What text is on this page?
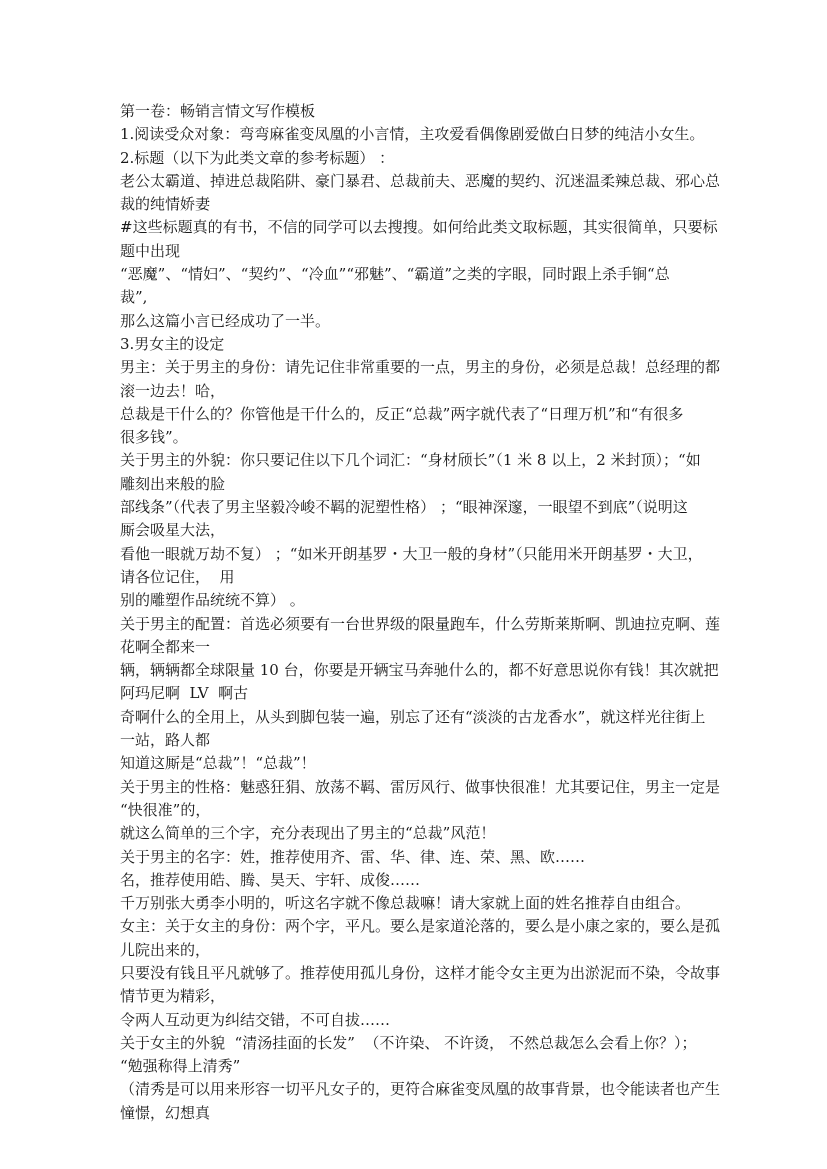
第一卷：畅销言情文写作模板
1.阅读受众对象：弯弯麻雀变凤凰的小言情，主攻爱看偶像剧爱做白日梦的纯洁小女生。
2.标题（以下为此类文章的参考标题） ：
老公太霸道、掉进总裁陷阱、豪门暴君、总裁前夫、恶魔的契约、沉迷温柔辣总裁、邪心总
裁的纯情娇妻
#这些标题真的有书，不信的同学可以去搜搜。如何给此类文取标题，其实很简单，只要标
题中出现
“恶魔”、“情妇”、“契约”、“冷血”“邪魅”、“霸道”之类的字眼，同时跟上杀手锏“总
裁”,
那么这篇小言已经成功了一半。
3.男女主的设定
男主：关于男主的身份：请先记住非常重要的一点，男主的身份，必须是总裁！总经理的都
滚一边去！哈，
总裁是干什么的？你管他是干什么的，反正“总裁”两字就代表了“日理万机”和“有很多
很多钱”。
关于男主的外貌：你只要记住以下几个词汇：“身材颀长”（1 米 8 以上，2 米封顶）；“如
雕刻出来般的脸
部线条”（代表了男主坚毅冷峻不羁的泥塑性格） ；“眼神深邃，一眼望不到底”（说明这
厮会吸星大法，
看他一眼就万劫不复） ；“如米开朗基罗・大卫一般的身材”（只能用米开朗基罗・大卫，
请各位记住，  用
别的雕塑作品统统不算） 。
关于男主的配置：首选必须要有一台世界级的限量跑车，什么劳斯莱斯啊、凯迪拉克啊、莲
花啊全都来一
辆，辆辆都全球限量 10 台，你要是开辆宝马奔驰什么的，都不好意思说你有钱！其次就把
阿玛尼啊  LV  啊古
奇啊什么的全用上，从头到脚包装一遍，别忘了还有“淡淡的古龙香水”，就这样光往街上
一站，路人都
知道这厮是“总裁”！“总裁”！
关于男主的性格：魅惑狂狷、放荡不羁、雷厉风行、做事快很准！尤其要记住，男主一定是
“快很准”的，
就这么简单的三个字，充分表现出了男主的“总裁”风范！
关于男主的名字：姓，推荐使用齐、雷、华、律、连、荣、黑、欧……
名，推荐使用皓、腾、昊天、宇轩、成俊……
千万别张大勇李小明的，听这名字就不像总裁嘛！请大家就上面的姓名推荐自由组合。
女主：关于女主的身份：两个字，平凡。要么是家道沦落的，要么是小康之家的，要么是孤
儿院出来的，
只要没有钱且平凡就够了。推荐使用孤儿身份，这样才能令女主更为出淤泥而不染，令故事
情节更为精彩，
令两人互动更为纠结交错，不可自拔……
关于女主的外貌  “清汤挂面的长发”  （不许染、 不许烫， 不然总裁怎么会看上你？）；
“勉强称得上清秀”
（清秀是可以用来形容一切平凡女子的，更符合麻雀变凤凰的故事背景，也令能读者也产生
憧憬，幻想真
